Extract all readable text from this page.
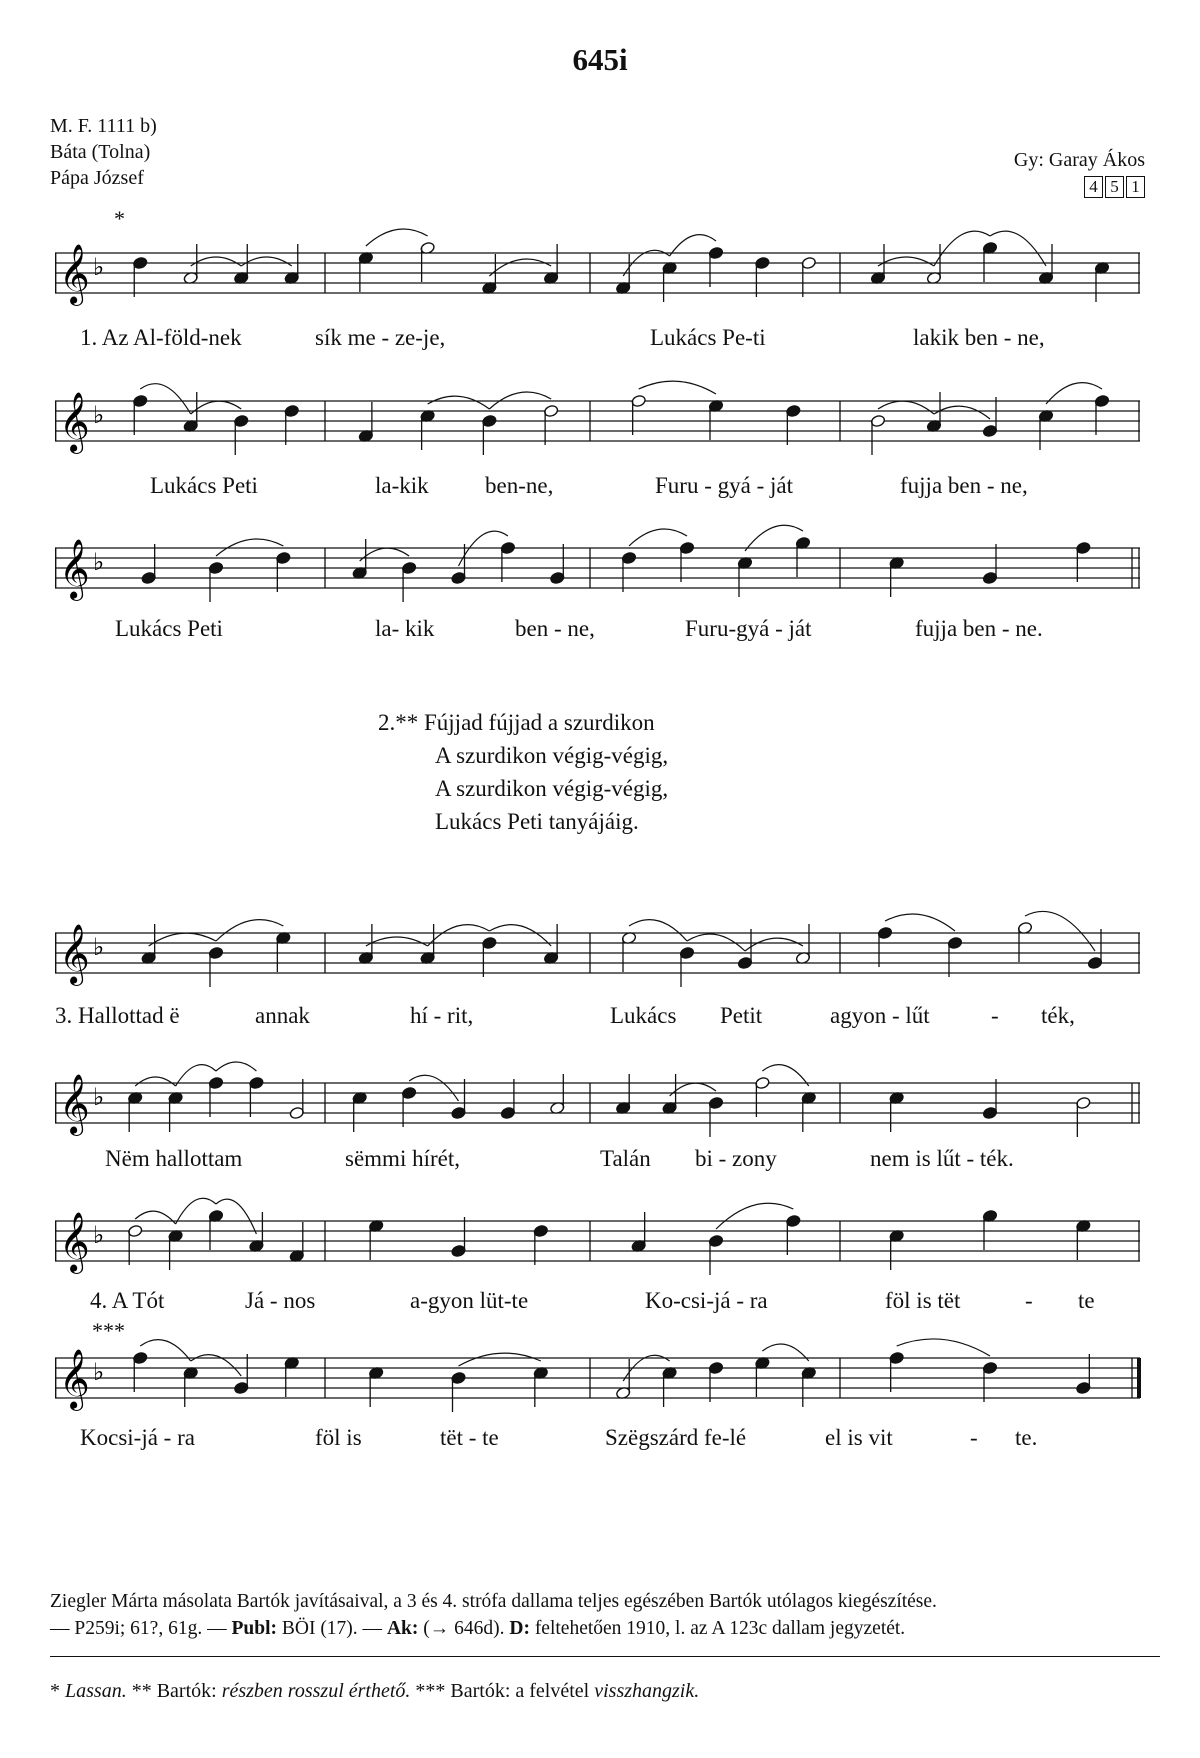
645i
M. F. 1111 b)
Báta (Tolna)
Pápa József
Gy: Garay Ákos
4 5 1
*
***
𝄞 ♭
1. Az Al-föld-nek	sík me - ze-je,	Lukács Pe-ti	lakik ben - ne,
𝄞 ♭
Lukács Peti	la-kik ben-ne,	Furu - gyá - ját	fujja ben - ne,
𝄞 ♭
Lukács Peti	la- kik	ben - ne,	Furu-gyá - ját	fujja ben - ne.
2.** Fújjad fújjad a szurdikon
A szurdikon végig-végig,
A szurdikon végig-végig,
Lukács Peti tanyájáig.
𝄞 ♭
3. Hallottad ë	annak	hí - rit,	Lukács Petit	agyon - lűt	- ték,
𝄞 ♭
Nëm hallottam	sëmmi hírét,	Talán bi - zony	nem is lűt - ték.
𝄞 ♭
4. A Tót	Já - nos	a-gyon lüt-te	Ko-csi-já - ra	föl is tët	- te
𝄞 ♭
Kocsi-já - ra	föl is	tët - te	Szëgszárd fe-lé	el is vit	- te.
Ziegler Márta másolata Bartók javításaival, a 3 és 4. strófa dallama teljes egészében Bartók utólagos kiegészítése.
— P259i; 61?, 61g. — Publ: BÖI (17). — Ak: (→ 646d). D: feltehetően 1910, l. az A 123c dallam jegyzetét.
* Lassan. ** Bartók: részben rosszul érthető. *** Bartók: a felvétel visszhangzik.
